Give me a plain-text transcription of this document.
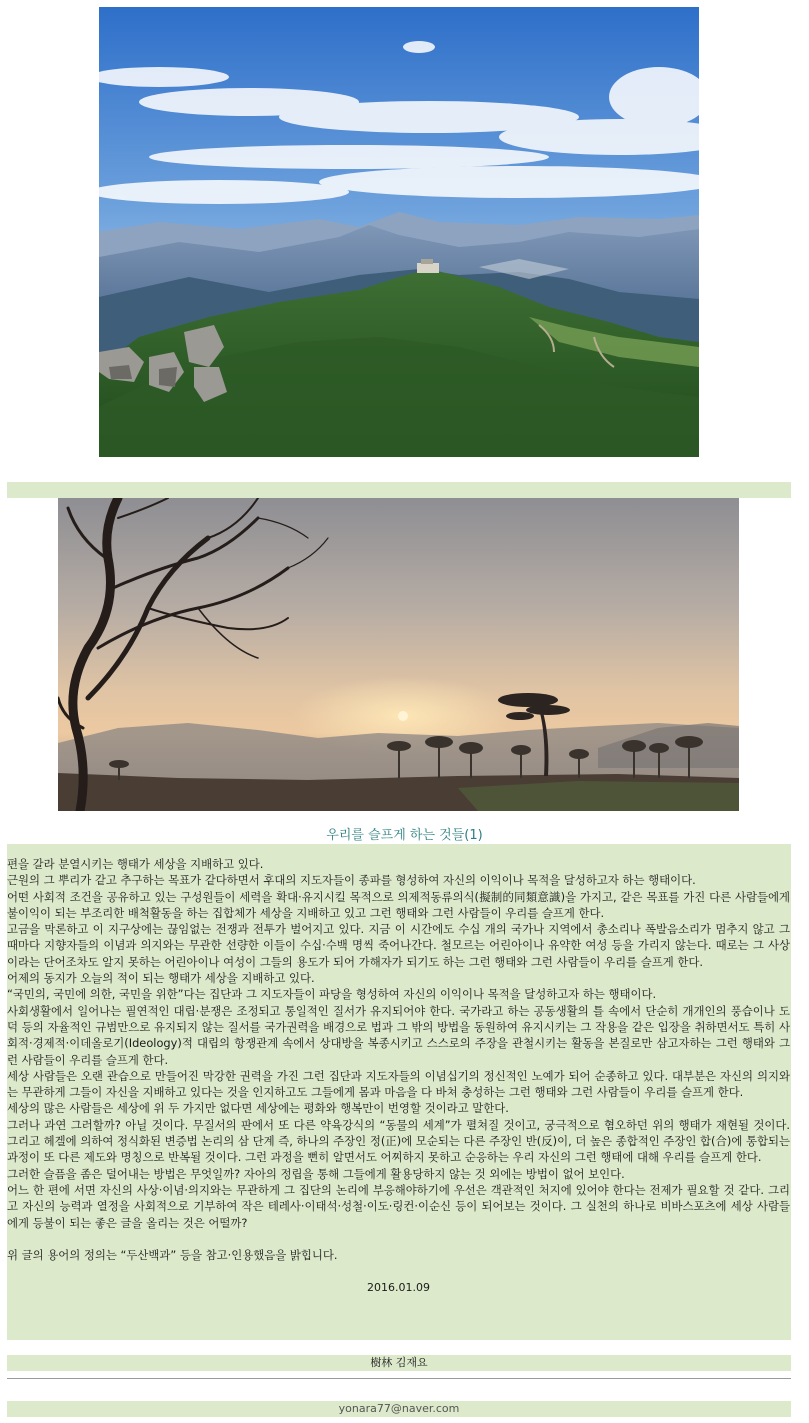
우리를 슬프게 하는 것들(1)

편을 갈라 분열시키는 행태가 세상을 지배하고 있다.

근원의 그 뿌리가 같고 추구하는 목표가 같다하면서 후대의 지도자들이 종파를 형성하여 자신의 이익이나 목적을 달성하고자 하는 행태이다.

어떤 사회적 조건을 공유하고 있는 구성원들이 세력을 확대·유지시킬 목적으로 의제적동류의식(擬制的同類意識)을 가지고, 같은 목표를 가진 다른 사람들에게 불이익이 되는 부조리한 배척활동을 하는 집합체가 세상을 지배하고 있고 그런 행태와 그런 사람들이 우리를 슬프게 한다.

고금을 막론하고 이 지구상에는 끊임없는 전쟁과 전투가 벌어지고 있다. 지금 이 시간에도 수십 개의 국가나 지역에서 총소리나 폭발음소리가 멈추지 않고 그 때마다 지향자들의 이념과 의지와는 무관한 선량한 이들이 수십·수백 명씩 죽어나간다. 철모르는 어린아이나 유약한 여성 등을 가리지 않는다. 때로는 그 사상이라는 단어조차도 알지 못하는 어린아이나 여성이 그들의 용도가 되어 가해자가 되기도 하는 그런 행태와 그런 사람들이 우리를 슬프게 한다.

어제의 동지가 오늘의 적이 되는 행태가 세상을 지배하고 있다.

“국민의, 국민에 의한, 국민을 위한”다는 집단과 그 지도자들이 파당을 형성하여 자신의 이익이나 목적을 달성하고자 하는 행태이다.

사회생활에서 일어나는 필연적인 대립·분쟁은 조정되고 통일적인 질서가 유지되어야 한다. 국가라고 하는 공동생활의 틀 속에서 단순히 개개인의 풍습이나 도덕 등의 자율적인 규범만으로 유지되지 않는 질서를 국가권력을 배경으로 법과 그 밖의 방법을 동원하여 유지시키는 그 작용을 같은 입장을 취하면서도 특히 사회적·경제적·이데올로기(Ideology)적 대립의 항쟁관계 속에서 상대방을 복종시키고 스스로의 주장을 관철시키는 활동을 본질로만 삼고자하는 그런 행태와 그런 사람들이 우리를 슬프게 한다.

세상 사람들은 오랜 관습으로 만들어진 막강한 권력을 가진 그런 집단과 지도자들의 이념십기의 정신적인 노예가 되어 순종하고 있다. 대부분은 자신의 의지와는 무관하게 그들이 자신을 지배하고 있다는 것을 인지하고도 그들에게 몸과 마음을 다 바쳐 충성하는 그런 행태와 그런 사람들이 우리를 슬프게 한다.

세상의 많은 사람들은 세상에 위 두 가지만 없다면 세상에는 평화와 행복만이 번영할 것이라고 말한다.

그러나 과연 그러할까? 아닐 것이다. 무질서의 판에서 또 다른 약육강식의 “동물의 세계”가 펼쳐질 것이고, 궁극적으로 혐오하던 위의 행태가 재현될 것이다. 그리고 헤겔에 의하여 정식화된 변증법 논리의 삼 단계 즉, 하나의 주장인 정(正)에 모순되는 다른 주장인 반(反)이, 더 높은 종합적인 주장인 합(合)에 통합되는 과정이 또 다른 제도와 명칭으로 반복될 것이다. 그런 과정을 뻔히 알면서도 어찌하지 못하고 순응하는 우리 자신의 그런 행태에 대해 우리를 슬프게 한다.

그러한 슬픔을 좀은 덜어내는 방법은 무엇일까? 자아의 정립을 통해 그들에게 활용당하지 않는 것 외에는 방법이 없어 보인다.

어느 한 편에 서면 자신의 사상·이념·의지와는 무관하게 그 집단의 논리에 부응해야하기에 우선은 객관적인 처지에 있어야 한다는 전제가 필요할 것 같다. 그리고 자신의 능력과 열정을 사회적으로 기부하여 작은 테레사·이태석·성철·이도·링컨·이순신 등이 되어보는 것이다. 그 실천의 하나로 비바스포츠에 세상 사람들에게 등불이 되는 좋은 글을 올리는 것은 어떨까?

위 글의 용어의 정의는 “두산백과” 등을 참고·인용했음을 밝힙니다.

2016.01.09

樹林 김재요
yonara77@naver.com
